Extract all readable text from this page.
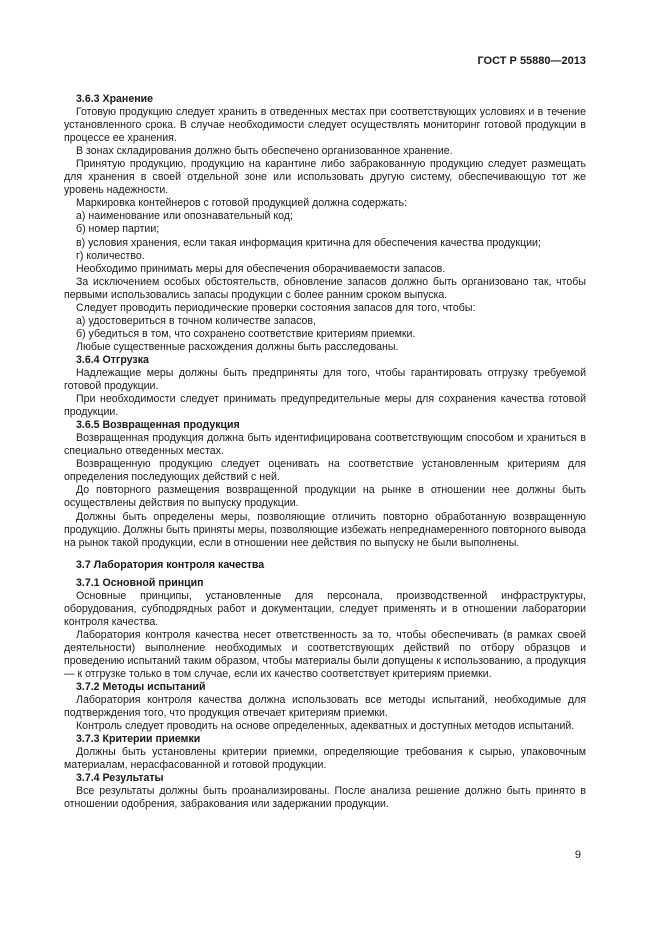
ГОСТ Р 55880—2013

3.6.3 Хранение

Готовую продукцию следует хранить в отведенных местах при соответствующих условиях и в течение установленного срока. В случае необходимости следует осуществлять мониторинг готовой продукции в процессе ее хранения.

В зонах складирования должно быть обеспечено организованное хранение.

Принятую продукцию, продукцию на карантине либо забракованную продукцию следует размещать для хранения в своей отдельной зоне или использовать другую систему, обеспечивающую тот же уровень надежности.

Маркировка контейнеров с готовой продукцией должна содержать:

а) наименование или опознавательный код;

б) номер партии;

в) условия хранения, если такая информация критична для обеспечения качества продукции;

г) количество.

Необходимо принимать меры для обеспечения оборачиваемости запасов.

За исключением особых обстоятельств, обновление запасов должно быть организовано так, чтобы первыми использовались запасы продукции с более ранним сроком выпуска.

Следует проводить периодические проверки состояния запасов для того, чтобы:

а) удостовериться в точном количестве запасов,

б) убедиться в том, что сохранено соответствие критериям приемки.

Любые существенные расхождения должны быть расследованы.

3.6.4 Отгрузка

Надлежащие меры должны быть предприняты для того, чтобы гарантировать отгрузку требуемой готовой продукции.

При необходимости следует принимать предупредительные меры для сохранения качества готовой продукции.

3.6.5 Возвращенная продукция

Возвращенная продукция должна быть идентифицирована соответствующим способом и храниться в специально отведенных местах.

Возвращенную продукцию следует оценивать на соответствие установленным критериям для определения последующих действий с ней.

До повторного размещения возвращенной продукции на рынке в отношении нее должны быть осуществлены действия по выпуску продукции.

Должны быть определены меры, позволяющие отличить повторно обработанную возвращенную продукцию. Должны быть приняты меры, позволяющие избежать непреднамеренного повторного вывода на рынок такой продукции, если в отношении нее действия по выпуску не были выполнены.

3.7 Лаборатория контроля качества

3.7.1 Основной принцип

Основные принципы, установленные для персонала, производственной инфраструктуры, оборудования, субподрядных работ и документации, следует применять и в отношении лаборатории контроля качества.

Лаборатория контроля качества несет ответственность за то, чтобы обеспечивать (в рамках своей деятельности) выполнение необходимых и соответствующих действий по отбору образцов и проведению испытаний таким образом, чтобы материалы были допущены к использованию, а продукция — к отгрузке только в том случае, если их качество соответствует критериям приемки.

3.7.2 Методы испытаний

Лаборатория контроля качества должна использовать все методы испытаний, необходимые для подтверждения того, что продукция отвечает критериям приемки.

Контроль следует проводить на основе определенных, адекватных и доступных методов испытаний.

3.7.3 Критерии приемки

Должны быть установлены критерии приемки, определяющие требования к сырью, упаковочным материалам, нерасфасованной и готовой продукции.

3.7.4 Результаты

Все результаты должны быть проанализированы. После анализа решение должно быть принято в отношении одобрения, забракования или задержании продукции.

9
